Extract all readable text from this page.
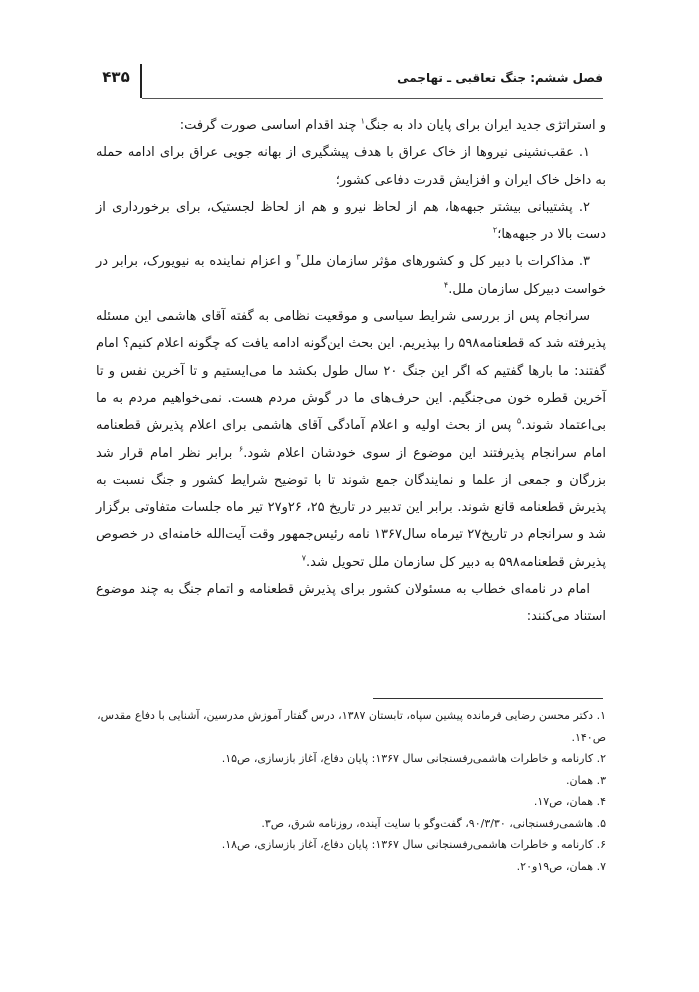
۴۳۵	فصل ششم: جنگ تعاقبی ـ تهاجمی

و استراتژی جدید ایران برای پایان داد به جنگ$^۱$ چند اقدام اساسی صورت گرفت:

۱. عقب‌نشینی نیروها از خاک عراق با هدف پیشگیری از بهانه جویی عراق برای ادامه حمله به داخل خاک ایران و افزایش قدرت دفاعی کشور؛

۲. پشتیبانی بیشتر جبهه‌ها، هم از لحاظ نیرو و هم از لحاظ لجستیک، برای برخورداری از دست بالا در جبهه‌ها؛$^۲$

۳. مذاکرات با دبیر کل و کشورهای مؤثر سازمان ملل$^۳$ و اعزام نماینده به نیویورک، برابر در خواست دبیرکل سازمان ملل.$^۴$

سرانجام پس از بررسی شرایط سیاسی و موقعیت نظامی به گفته آقای هاشمی این مسئله پذیرفته شد که قطعنامه۵۹۸ را بپذیریم. این بحث این‌گونه ادامه یافت که چگونه اعلام کنیم؟ امام گفتند: ما بارها گفتیم که اگر این جنگ ۲۰ سال طول بکشد ما می‌ایستیم و تا آخرین نفس و تا آخرین قطره خون می‌جنگیم. این حرف‌های ما در گوش مردم هست. نمی‌خواهیم مردم به ما بی‌اعتماد شوند.$^۵$ پس از بحث اولیه و اعلام آمادگی آقای هاشمی برای اعلام پذیرش قطعنامه امام سرانجام پذیرفتند این موضوع از سوی خودشان اعلام شود.$^۶$ برابر نظر امام قرار شد بزرگان و جمعی از علما و نمایندگان جمع شوند تا با توضیح شرایط کشور و جنگ نسبت به پذیرش قطعنامه قانع شوند. برابر این تدبیر در تاریخ ۲۵، ۲۶و۲۷ تیر ماه جلسات متفاوتی برگزار شد و سرانجام در تاریخ۲۷ تیرماه سال۱۳۶۷ نامه رئیس‌جمهور وقت آیت‌الله خامنه‌ای در خصوص پذیرش قطعنامه۵۹۸ به دبیر کل سازمان ملل تحویل شد.$^۷$

امام در نامه‌ای خطاب به مسئولان کشور برای پذیرش قطعنامه و اتمام جنگ به چند موضوع استناد می‌کنند:

۱. دکتر محسن رضایی فرمانده پیشین سپاه، تابستان ۱۳۸۷، درس گفتار آموزش مدرسین، آشنایی با دفاع مقدس، ص۱۴۰.

۲. کارنامه و خاطرات هاشمی‌رفسنجانی سال ۱۳۶۷: پایان دفاع، آغاز بازسازی، ص۱۵.

۳. همان.

۴. همان، ص۱۷.

۵. هاشمی‌رفسنجانی، ۹۰/۳/۳۰، گفت‌وگو با سایت آینده، روزنامه شرق، ص۳.

۶. کارنامه و خاطرات هاشمی‌رفسنجانی سال ۱۳۶۷: پایان دفاع، آغاز بازسازی، ص۱۸.

۷. همان، ص۱۹و۲۰.
